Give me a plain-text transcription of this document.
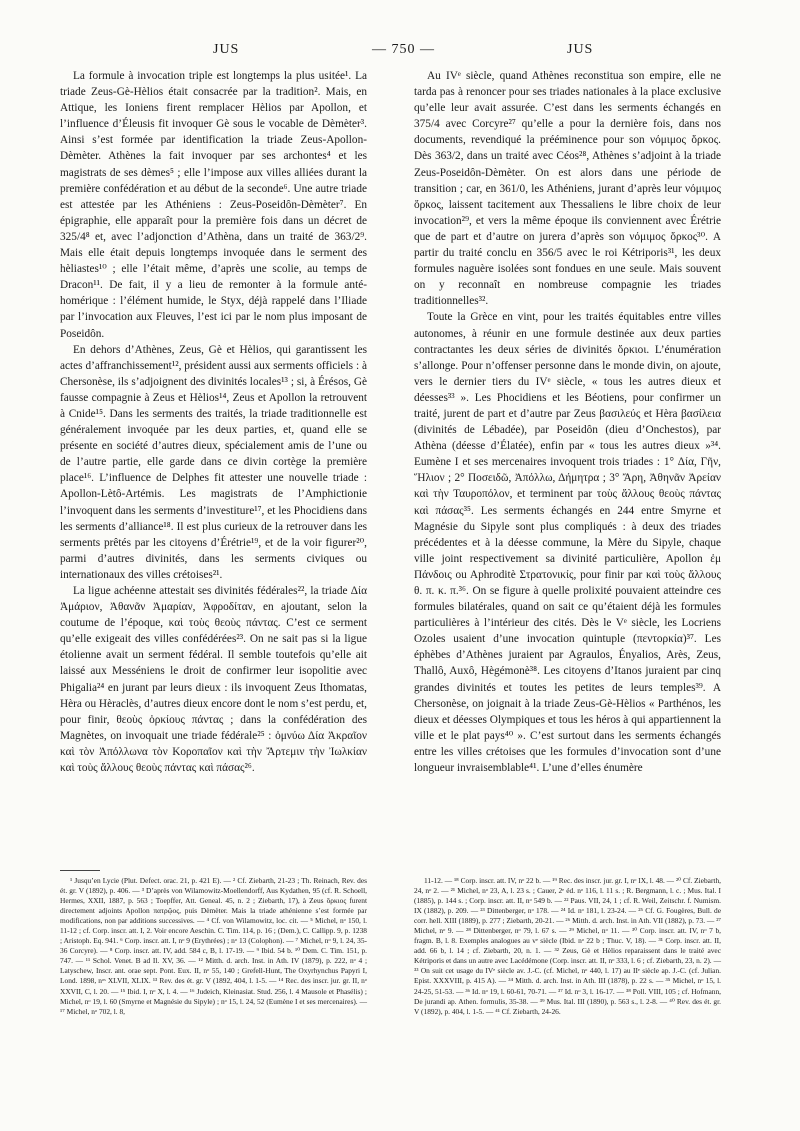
JUS	— 750 —	JUS

La formule à invocation triple est longtemps la plus usitée¹. La triade Zeus-Gè-Hèlios était consacrée par la tradition². Mais, en Attique, les Ioniens firent remplacer Hèlios par Apollon, et l’influence d’Éleusis fit invoquer Gè sous le vocable de Dèmèter³. Ainsi s’est formée par identification la triade Zeus-Apollon-Dèmèter. Athènes la fait invoquer par ses archontes⁴ et les magistrats de ses dèmes⁵ ; elle l’impose aux villes alliées durant la première confédération et au début de la seconde⁶. Une autre triade est attestée par les Athéniens : Zeus-Poseidôn-Dèmèter⁷. En épigraphie, elle apparaît pour la première fois dans un décret de 325/4⁸ et, avec l’adjonction d’Athèna, dans un traité de 363/2⁹. Mais elle était depuis longtemps invoquée dans le serment des hèliastes¹⁰ ; elle l’était même, d’après une scolie, au temps de Dracon¹¹. De fait, il y a lieu de remonter à la formule anté-homérique : l’élément humide, le Styx, déjà rappelé dans l’Iliade par l’invocation aux Fleuves, l’est ici par le nom plus imposant de Poseidôn.

En dehors d’Athènes, Zeus, Gè et Hèlios, qui garantissent les actes d’affranchissement¹², président aussi aux serments officiels : à Chersonèse, ils s’adjoignent des divinités locales¹³ ; si, à Érésos, Gè fausse compagnie à Zeus et Hèlios¹⁴, Zeus et Apollon la retrouvent à Cnide¹⁵. Dans les serments des traités, la triade traditionnelle est généralement invoquée par les deux parties, et, quand elle se présente en société d’autres dieux, spécialement amis de l’une ou de l’autre partie, elle garde dans ce divin cortège la première place¹⁶. L’influence de Delphes fit attester une nouvelle triade : Apollon-Lètô-Artémis. Les magistrats de l’Amphictionie l’invoquent dans les serments d’investiture¹⁷, et les Phocidiens dans les serments d’alliance¹⁸. Il est plus curieux de la retrouver dans les serments prêtés par les citoyens d’Érétrie¹⁹, et de la voir figurer²⁰, parmi d’autres divinités, dans les serments civiques ou internationaux des villes crétoises²¹.

La ligue achéenne attestait ses divinités fédérales²², la triade Δία Ἀμάριον, Ἀθανᾶν Ἀμαρίαν, Ἀφροδίταν, en ajoutant, selon la coutume de l’époque, καὶ τοὺς θεοὺς πάντας. C’est ce serment qu’elle exigeait des villes confédérées²³. On ne sait pas si la ligue étolienne avait un serment fédéral. Il semble toutefois qu’elle ait laissé aux Messéniens le droit de confirmer leur isopolitie avec Phigalia²⁴ en jurant par leurs dieux : ils invoquent Zeus Ithomatas, Hèra ou Hèraclès, d’autres dieux encore dont le nom s’est perdu, et, pour finir, θεοὺς ὁρκίους πάντας ; dans la confédération des Magnètes, on invoquait une triade fédérale²⁵ : ὀμνύω Δία Ἀκραῖον καὶ τὸν Ἀπόλλωνα τὸν Κοροπαῖον καὶ τὴν Ἄρτεμιν τὴν Ἰωλκίαν καὶ τοὺς ἄλλους θεοὺς πάντας καὶ πάσας²⁶.

Au IVᵉ siècle, quand Athènes reconstitua son empire, elle ne tarda pas à renoncer pour ses triades nationales à la place exclusive qu’elle leur avait assurée. C’est dans les serments échangés en 375/4 avec Corcyre²⁷ qu’elle a pour la dernière fois, dans nos documents, revendiqué la prééminence pour son νόμιμος ὅρκος. Dès 363/2, dans un traité avec Céos²⁸, Athènes s’adjoint à la triade Zeus-Poseidôn-Dèmèter. On est alors dans une période de transition ; car, en 361/0, les Athéniens, jurant d’après leur νόμιμος ὅρκος, laissent tacitement aux Thessaliens le libre choix de leur invocation²⁹, et vers la même époque ils conviennent avec Érétrie que de part et d’autre on jurera d’après son νόμιμος ὅρκος³⁰. A partir du traité conclu en 356/5 avec le roi Kétriporis³¹, les deux formules naguère isolées sont fondues en une seule. Mais souvent on y reconnaît en nombreuse compagnie les triades traditionnelles³².

Toute la Grèce en vint, pour les traités équitables entre villes autonomes, à réunir en une formule destinée aux deux parties contractantes les deux séries de divinités ὅρκιοι. L’énumération s’allonge. Pour n’offenser personne dans le monde divin, on ajoute, vers le dernier tiers du IVᵉ siècle, « tous les autres dieux et déesses³³ ». Les Phocidiens et les Béotiens, pour confirmer un traité, jurent de part et d’autre par Zeus βασιλεύς et Hèra βασίλεια (divinités de Lébadée), par Poseidôn (dieu d’Onchestos), par Athèna (déesse d’Élatée), enfin par « tous les autres dieux »³⁴. Eumène I et ses mercenaires invoquent trois triades : 1° Δία, Γῆν, Ἥλιον ; 2° Ποσειδῶ, Ἀπόλλω, Δήμητρα ; 3° Ἄρη, Ἀθηνᾶν Ἀρείαν καὶ τὴν Ταυροπόλον, et terminent par τοὺς ἄλλους θεοὺς πάντας καὶ πάσας³⁵. Les serments échangés en 244 entre Smyrne et Magnésie du Sipyle sont plus compliqués : à deux des triades précédentes et à la déesse commune, la Mère du Sipyle, chaque ville joint respectivement sa divinité particulière, Apollon ἐμ Πάνδοις ou Aphroditè Στρατονικίς, pour finir par καὶ τοὺς ἄλλους θ. π. κ. π.³⁶. On se figure à quelle prolixité pouvaient atteindre ces formules bilatérales, quand on sait ce qu’étaient déjà les formules particulières à l’intérieur des cités. Dès le Vᵉ siècle, les Locriens Ozoles usaient d’une invocation quintuple (πεντορκία)³⁷. Les éphèbes d’Athènes juraient par Agraulos, Ényalios, Arès, Zeus, Thallô, Auxô, Hègémonè³⁸. Les citoyens d’Itanos juraient par cinq grandes divinités et toutes les petites de leurs temples³⁹. A Chersonèse, on joignait à la triade Zeus-Gè-Hèlios « Parthénos, les dieux et déesses Olympiques et tous les héros à qui appartiennent la ville et le plat pays⁴⁰ ». C’est surtout dans les serments échangés entre les villes crétoises que les formules d’invocation sont d’une longueur invraisemblable⁴¹. L’une d’elles énumère

¹ Jusqu’en Lycie (Plut. Defect. orac. 21, p. 421 E). — ² Cf. Ziebarth, 21-23 ; Th. Reinach, Rev. des ét. gr. V (1892), p. 406. — ³ D’après von Wilamowitz-Moellendorff, Aus Kydathen, 95 (cf. R. Schoell, Hermes, XXII, 1887, p. 563 ; Toepffer, Att. Geneal. 45, n. 2 ; Ziebarth, 17), à Zeus ὅρκιος furent directement adjoints Apollon πατρῷος, puis Dèmèter. Mais la triade athénienne s’est formée par modifications, non par additions successives. — ⁴ Cf. von Wilamowitz, loc. cit. — ⁵ Michel, nᵒ 150, l. 11-12 ; cf. Corp. inscr. att. I, 2. Voir encore Aeschin. C. Tim. 114, p. 16 ; (Dem.), C. Callipp. 9, p. 1238 ; Aristoph. Eq. 941. ⁶ Corp. inscr. att. I, nᵒ 9 (Erythrées) ; nᵒ 13 (Colophon). — ⁷ Michel, nᵒ 9, l. 24, 35-36 Corcyre). — ⁸ Corp. inscr. att. IV, add. 584 c, B, l. 17-19. — ⁹ Ibid. 54 b. ¹⁰ Dem. C. Tim. 151, p. 747. — ¹¹ Schol. Venet. B ad Il. XV, 36. — ¹² Mitth. d. arch. Inst. in Ath. IV (1879), p. 222, nᵒ 4 ; Latyschew, Inscr. ant. orae sept. Pont. Eux. II, nᵒ 55, 140 ; Grefell-Hunt, The Oxyrhynchus Papyri I, Lond. 1898, nᵒˢ XLVII, XLIX. ¹³ Rev. des ét. gr. V (1892, 404, l. 1-5. — ¹⁴ Rec. des inscr. jur. gr. II, nᵒ XXVII, C, l. 20. — ¹⁵ Ibid. I, nᵒ X, l. 4. — ¹⁶ Judeich, Kleinasiat. Stud. 256, l. 4 Mausole et Phasélis) ; Michel, nᵒ 19, l. 60 (Smyrne et Magnésie du Sipyle) ; nᵒ 15, l. 24, 52 (Eumène I et ses mercenaires). — ¹⁷ Michel, nᵒ 702, l. 8,

11-12. — ¹⁸ Corp. inscr. att. IV, nᵒ 22 b. — ¹⁹ Rec. des inscr. jur. gr. I, nᵒ IX, l. 48. — ²⁰ Cf. Ziebarth, 24, nᵒ 2. — ²¹ Michel, nᵒ 23, A, l. 23 s. ; Cauer, 2ᵉ éd. nᵒ 116, l. 11 s. ; R. Bergmann, l. c. ; Mus. Ital. I (1885), p. 144 s. ; Corp. inscr. att. II, nᵒ 549 b. — ²² Paus. VII, 24, 1 ; cf. R. Weil, Zeitschr. f. Numism. IX (1882), p. 209. — ²³ Dittenberger, nᵒ 178. — ²⁴ Id. nᵒ 181, l. 23-24. — ²⁵ Cf. G. Fougères, Bull. de corr. hell. XIII (1889), p. 277 ; Ziebarth, 20-21. — ²⁶ Mitth. d. arch. Inst. in Ath. VII (1882), p. 73. — ²⁷ Michel, nᵒ 9. — ²⁸ Dittenberger, nᵒ 79, l. 67 s. — ²⁹ Michel, nᵒ 11. — ³⁰ Corp. inscr. att. IV, nᵒ 7 b, fragm. B, l. 8. Exemples analogues au vᵉ siècle (Ibid. nᵒ 22 b ; Thuc. V, 18). — ³¹ Corp. inscr. att. II, add. 66 b, l. 14 ; cf. Ziebarth, 20, n. 1. — ³² Zeus, Gè et Hèlios reparaissent dans le traité avec Kétriporis et dans un autre avec Lacédémone (Corp. inscr. att. II, nᵒ 333, l. 6 ; cf. Ziebarth, 23, n. 2). — ³³ On suit cet usage du IVᵉ siècle av. J.-C. (cf. Michel, nᵒ 440, l. 17) au IIᵉ siècle ap. J.-C. (cf. Julian. Epist. XXXVIII, p. 415 A). — ³⁴ Mitth. d. arch. Inst. in Ath. III (1878), p. 22 s. — ³⁵ Michel, nᵒ 15, l. 24-25, 51-53. — ³⁶ Id. nᵒ 19, l. 60-61, 70-71. — ³⁷ Id. nᵒ 3, l. 16-17. — ³⁸ Poll. VIII, 105 ; cf. Hofmann, De jurandi ap. Athen. formulis, 35-38. — ³⁹ Mus. Ital. III (1890), p. 563 s., l. 2-8. — ⁴⁰ Rev. des ét. gr. V (1892), p. 404, l. 1-5. — ⁴¹ Cf. Ziebarth, 24-26.
